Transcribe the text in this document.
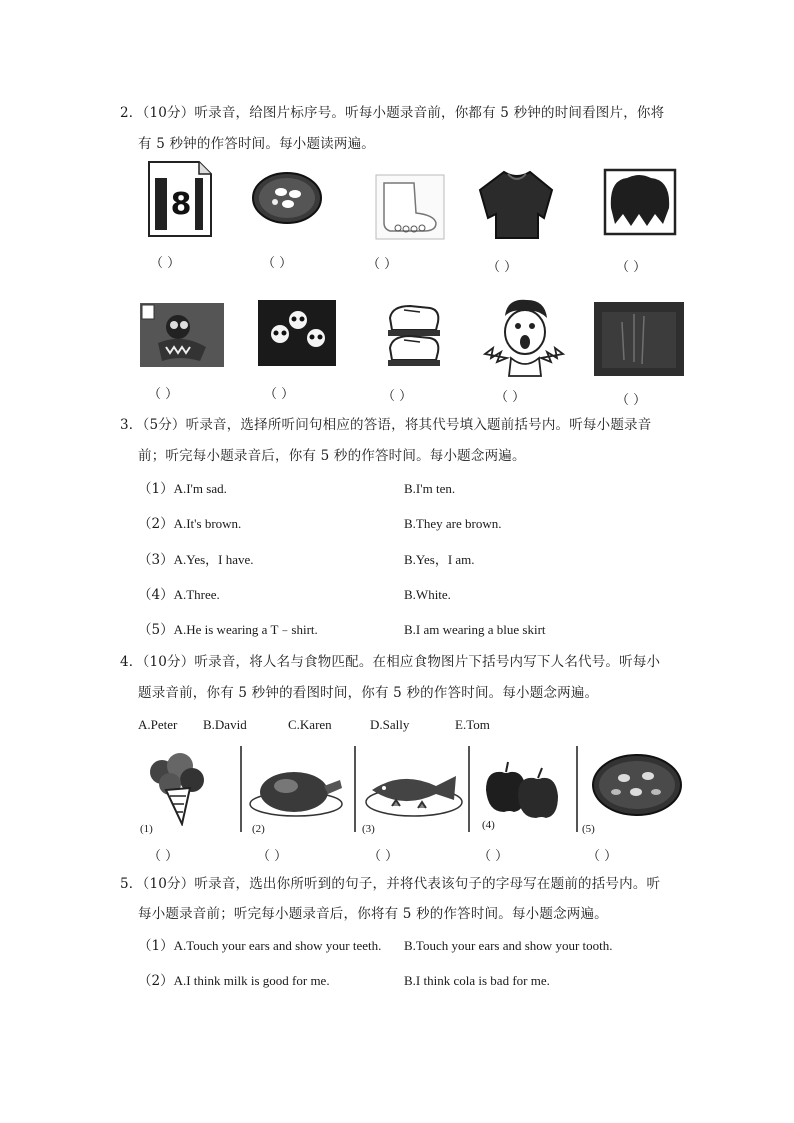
2．（10分）听录音，给图片标序号。听每小题录音前，你都有 5 秒钟的时间看图片，你将
有 5 秒钟的作答时间。每小题读两遍。
8
（ ）	（ ）	（ ）	（ ）	（ ）
（ ）	（ ）	（ ）	（ ）	（ ）
3．（5分）听录音，选择所听问句相应的答语，将其代号填入题前括号内。听每小题录音
前；听完每小题录音后，你有 5 秒的作答时间。每小题念两遍。
（1）A.I'm sad.	B.I'm ten.
（2）A.It's brown.	B.They are brown.
（3）A.Yes，I have.	B.Yes，I am.
（4）A.Three.	B.White.
（5）A.He is wearing a T﹣shirt.	B.I am wearing a blue skirt
4．（10分）听录音，将人名与食物匹配。在相应食物图片下括号内写下人名代号。听每小
题录音前，你有 5 秒钟的看图时间，你有 5 秒的作答时间。每小题念两遍。
A.Peter B.David	C.Karen	D.Sally	E.Tom
(1)	(2)	(3)	(4)	(5)
（ ）	（ ）	（ ）	（ ）	（ ）
5．（10分）听录音，选出你所听到的句子，并将代表该句子的字母写在题前的括号内。听
每小题录音前；听完每小题录音后，你将有 5 秒的作答时间。每小题念两遍。
（1）A.Touch your ears and show your teeth. B.Touch your ears and show your tooth.
（2）A.I think milk is good for me.	B.I think cola is bad for me.
